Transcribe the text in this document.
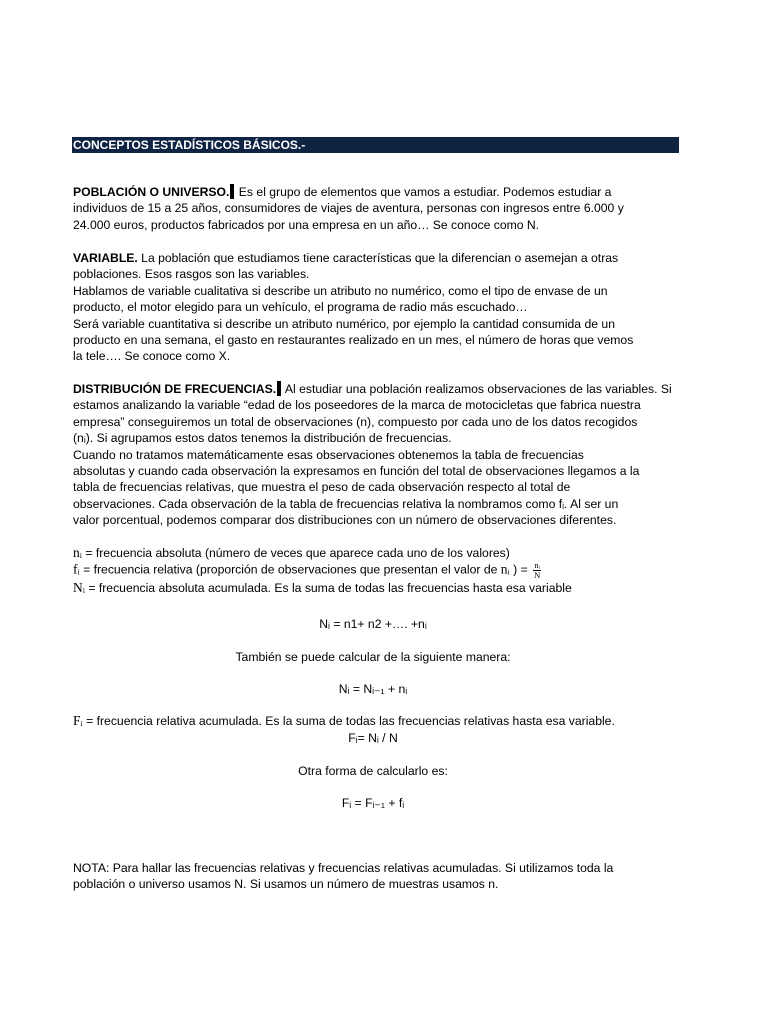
CONCEPTOS ESTADÍSTICOS BÁSICOS.-

POBLACIÓN O UNIVERSO. Es el grupo de elementos que vamos a estudiar. Podemos estudiar a

individuos de 15 a 25 años, consumidores de viajes de aventura, personas con ingresos entre 6.000 y

24.000 euros, productos fabricados por una empresa en un año… Se conoce como N.

VARIABLE. La población que estudiamos tiene características que la diferencian o asemejan a otras

poblaciones. Esos rasgos son las variables.

Hablamos de variable cualitativa si describe un atributo no numérico, como el tipo de envase de un

producto, el motor elegido para un vehículo, el programa de radio más escuchado…

Será variable cuantitativa si describe un atributo numérico, por ejemplo la cantidad consumida de un

producto en una semana, el gasto en restaurantes realizado en un mes, el número de horas que vemos

la tele…. Se conoce como X.

DISTRIBUCIÓN DE FRECUENCIAS. Al estudiar una población realizamos observaciones de las variables. Si

estamos analizando la variable “edad de los poseedores de la marca de motocicletas que fabrica nuestra

empresa” conseguiremos un total de observaciones (n), compuesto por cada uno de los datos recogidos

(nᵢ). Si agrupamos estos datos tenemos la distribución de frecuencias.

Cuando no tratamos matemáticamente esas observaciones obtenemos la tabla de frecuencias

absolutas y cuando cada observación la expresamos en función del total de observaciones llegamos a la

tabla de frecuencias relativas, que muestra el peso de cada observación respecto al total de

observaciones. Cada observación de la tabla de frecuencias relativa la nombramos como fᵢ. Al ser un

valor porcentual, podemos comparar dos distribuciones con un número de observaciones diferentes.

nᵢ = frecuencia absoluta (número de veces que aparece cada uno de los valores)

fᵢ = frecuencia relativa (proporción de observaciones que presentan el valor de nᵢ ) = $\frac{\text{nᵢ}}{N}$

Nᵢ = frecuencia absoluta acumulada. Es la suma de todas las frecuencias hasta esa variable

Nᵢ = n1+ n2 +…. +nᵢ
También se puede calcular de la siguiente manera:
Nᵢ = Nᵢ₋₁ + nᵢ

Fᵢ = frecuencia relativa acumulada. Es la suma de todas las frecuencias relativas hasta esa variable.

Fᵢ= Nᵢ / N
Otra forma de calcularlo es:
Fᵢ = Fᵢ₋₁ + fᵢ

NOTA: Para hallar las frecuencias relativas y frecuencias relativas acumuladas. Si utilizamos toda la

población o universo usamos N. Si usamos un número de muestras usamos n.
